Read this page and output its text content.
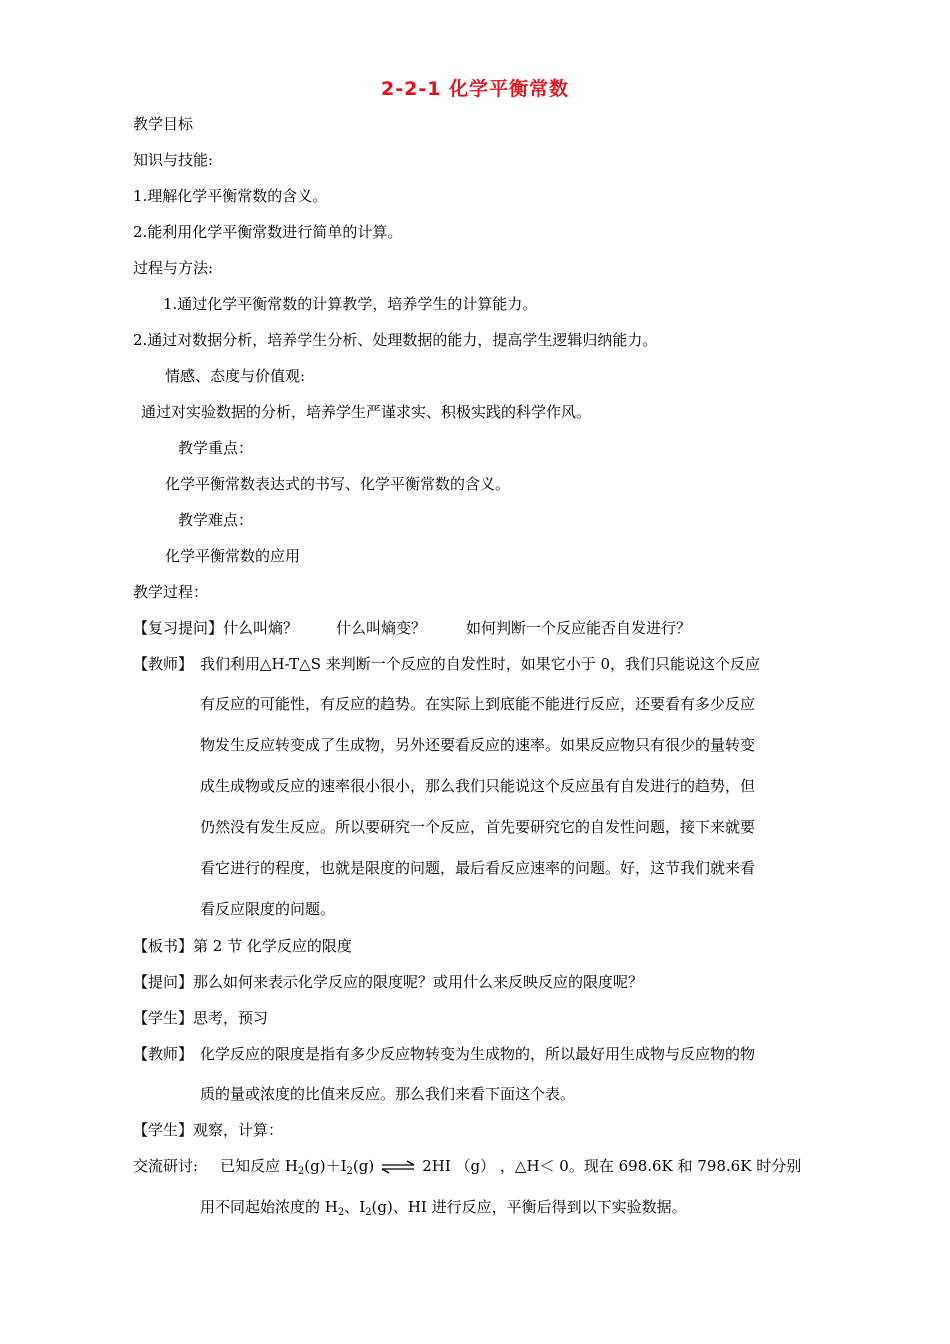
2-2-1 化学平衡常数
教学目标
知识与技能:
1.理解化学平衡常数的含义。
2.能利用化学平衡常数进行简单的计算。
过程与方法:
1.通过化学平衡常数的计算教学，培养学生的计算能力。
2.通过对数据分析，培养学生分析、处理数据的能力，提高学生逻辑归纳能力。
情感、态度与价值观:
通过对实验数据的分析，培养学生严谨求实、积极实践的科学作风。
教学重点：
化学平衡常数表达式的书写、化学平衡常数的含义。
教学难点：
化学平衡常数的应用
教学过程：
【复习提问】什么叫熵？	什么叫熵变？	如何判断一个反应能否自发进行？
【教师】 我们利用△H-T△S 来判断一个反应的自发性时，如果它小于 0，我们只能说这个反应
有反应的可能性，有反应的趋势。在实际上到底能不能进行反应，还要看有多少反应
物发生反应转变成了生成物，另外还要看反应的速率。如果反应物只有很少的量转变
成生成物或反应的速率很小很小，那么我们只能说这个反应虽有自发进行的趋势，但
仍然没有发生反应。所以要研究一个反应，首先要研究它的自发性问题，接下来就要
看它进行的程度，也就是限度的问题，最后看反应速率的问题。好，这节我们就来看
看反应限度的问题。
【板书】第 2 节 化学反应的限度
【提问】那么如何来表示化学反应的限度呢？或用什么来反映反应的限度呢？
【学生】思考，预习
【教师】 化学反应的限度是指有多少反应物转变为生成物的，所以最好用生成物与反应物的物
质的量或浓度的比值来反应。那么我们来看下面这个表。
【学生】观察，计算：
交流研讨: 已知反应 $H_2(g)+I_2(g)$ ⇌ 2HI （g） ，△H＜ 0。现在 698.6K 和 798.6K 时分别
用不同起始浓度的 $H_2$、$I_2(g)$、HI 进行反应，平衡后得到以下实验数据。
